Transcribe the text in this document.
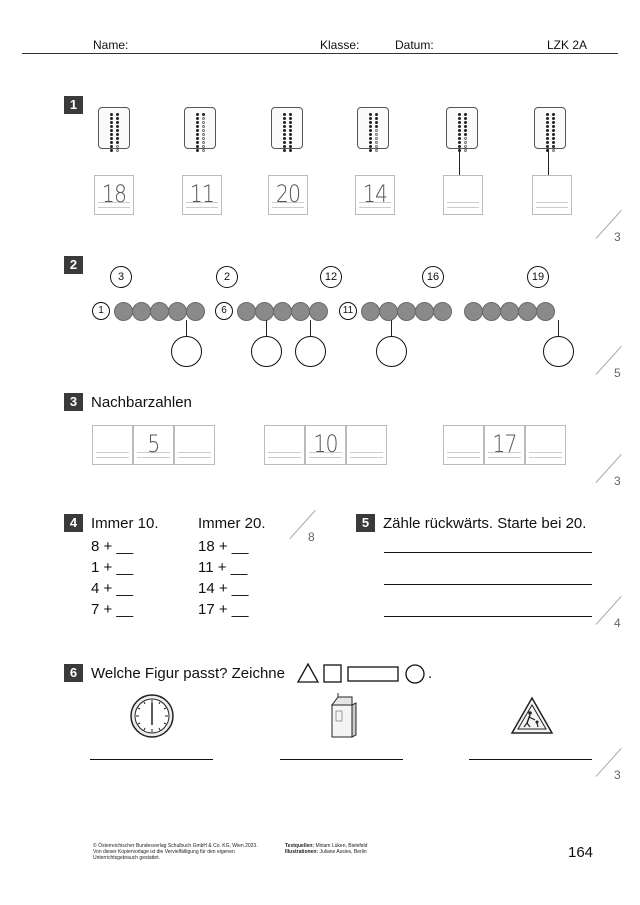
Name:	Klasse:	Datum:	LZK 2A
1
18	11	20	14
3
2
3	2	12	16	19
1	6	11
5
3 Nachbarzahlen
5	10	17
3
4 Immer 10.	Immer 20.
8 + __
1 + __
4 + __
7 + __
18 + __
11 + __
14 + __
17 + __
8
5 Zähle rückwärts. Starte bei 20.
4
6 Welche Figur passt? Zeichne	.
3
© Österreichischer Bundesverlag Schulbuch GmbH & Co. KG, Wien 2023.
Von dieser Kopiervorlage ist die Vervielfältigung für den eigenen
Unterrichtsgebrauch gestattet.
Textquellen: Miriam Lüken, Bielefeld
Illustrationen: Juliane Assies, Berlin	164
